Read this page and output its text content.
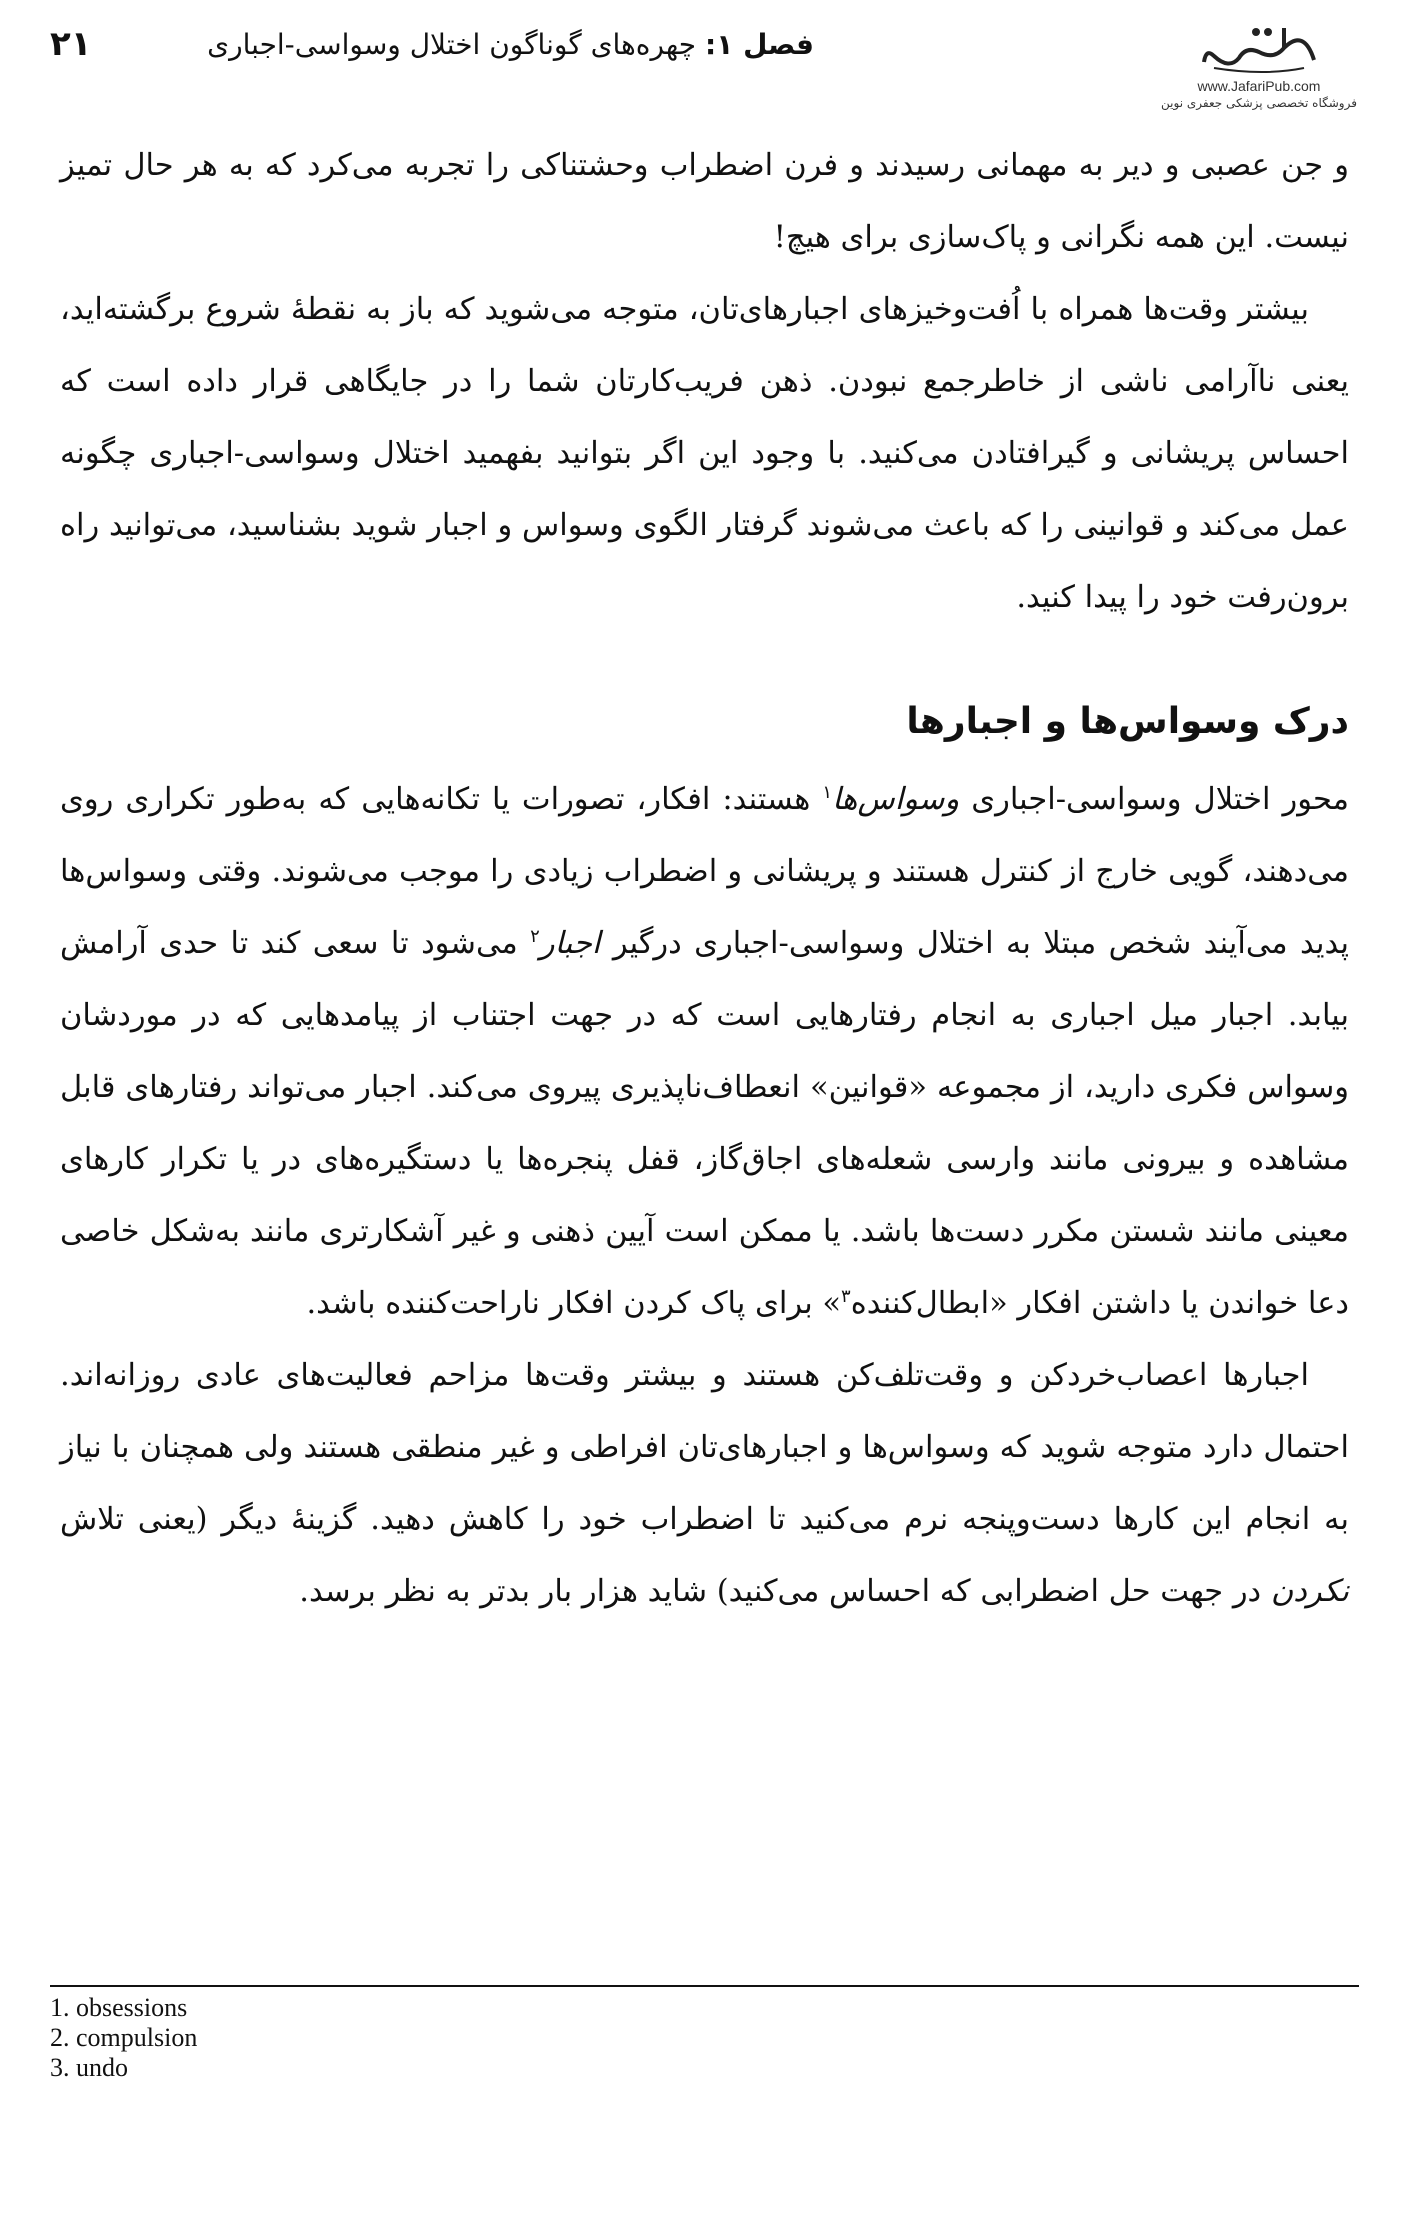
۲۱	فصل ۱: چهره‌های گوناگون اختلال وسواسی-اجباری
www.JafariPub.com
فروشگاه تخصصی پزشکی جعفری نوین

و جن عصبی و دیر به مهمانی رسیدند و فرن اضطراب وحشتناکی را تجربه می‌کرد که به هر حال تمیز نیست. این همه نگرانی و پاک‌سازی برای هیچ!

بیشتر وقت‌ها همراه با اُفت‌وخیزهای اجبارهای‌تان، متوجه می‌شوید که باز به نقطهٔ شروع برگشته‌اید، یعنی ناآرامی ناشی از خاطرجمع نبودن. ذهن فریب‌کارتان شما را در جایگاهی قرار داده است که احساس پریشانی و گیرافتادن می‌کنید. با وجود این اگر بتوانید بفهمید اختلال وسواسی-اجباری چگونه عمل می‌کند و قوانینی را که باعث می‌شوند گرفتار الگوی وسواس و اجبار شوید بشناسید، می‌توانید راه برون‌رفت خود را پیدا کنید.

درک وسواس‌ها و اجبارها

محور اختلال وسواسی-اجباری وسواس‌ها$^۱$ هستند: افکار، تصورات یا تکانه‌هایی که به‌طور تکراری روی می‌دهند، گویی خارج از کنترل هستند و پریشانی و اضطراب زیادی را موجب می‌شوند. وقتی وسواس‌ها پدید می‌آیند شخص مبتلا به اختلال وسواسی-اجباری درگیر اجبار$^۲$ می‌شود تا سعی کند تا حدی آرامش بیابد. اجبار میل اجباری به انجام رفتارهایی است که در جهت اجتناب از پیامدهایی که در موردشان وسواس فکری دارید، از مجموعه «قوانین» انعطاف‌ناپذیری پیروی می‌کند. اجبار می‌تواند رفتارهای قابل مشاهده و بیرونی مانند وارسی شعله‌های اجاق‌گاز، قفل پنجره‌ها یا دستگیره‌های در یا تکرار کارهای معینی مانند شستن مکرر دست‌ها باشد. یا ممکن است آیین ذهنی و غیر آشکارتری مانند به‌شکل خاصی دعا خواندن یا داشتن افکار «ابطال‌کننده$^۳$» برای پاک کردن افکار ناراحت‌کننده باشد.

اجبارها اعصاب‌خردکن و وقت‌تلف‌کن هستند و بیشتر وقت‌ها مزاحم فعالیت‌های عادی روزانه‌اند. احتمال دارد متوجه شوید که وسواس‌ها و اجبارهای‌تان افراطی و غیر منطقی هستند ولی همچنان با نیاز به انجام این کارها دست‌وپنجه نرم می‌کنید تا اضطراب خود را کاهش دهید. گزینهٔ دیگر (یعنی تلاش نکردن در جهت حل اضطرابی که احساس می‌کنید) شاید هزار بار بدتر به نظر برسد.

1. obsessions
2. compulsion
3. undo
